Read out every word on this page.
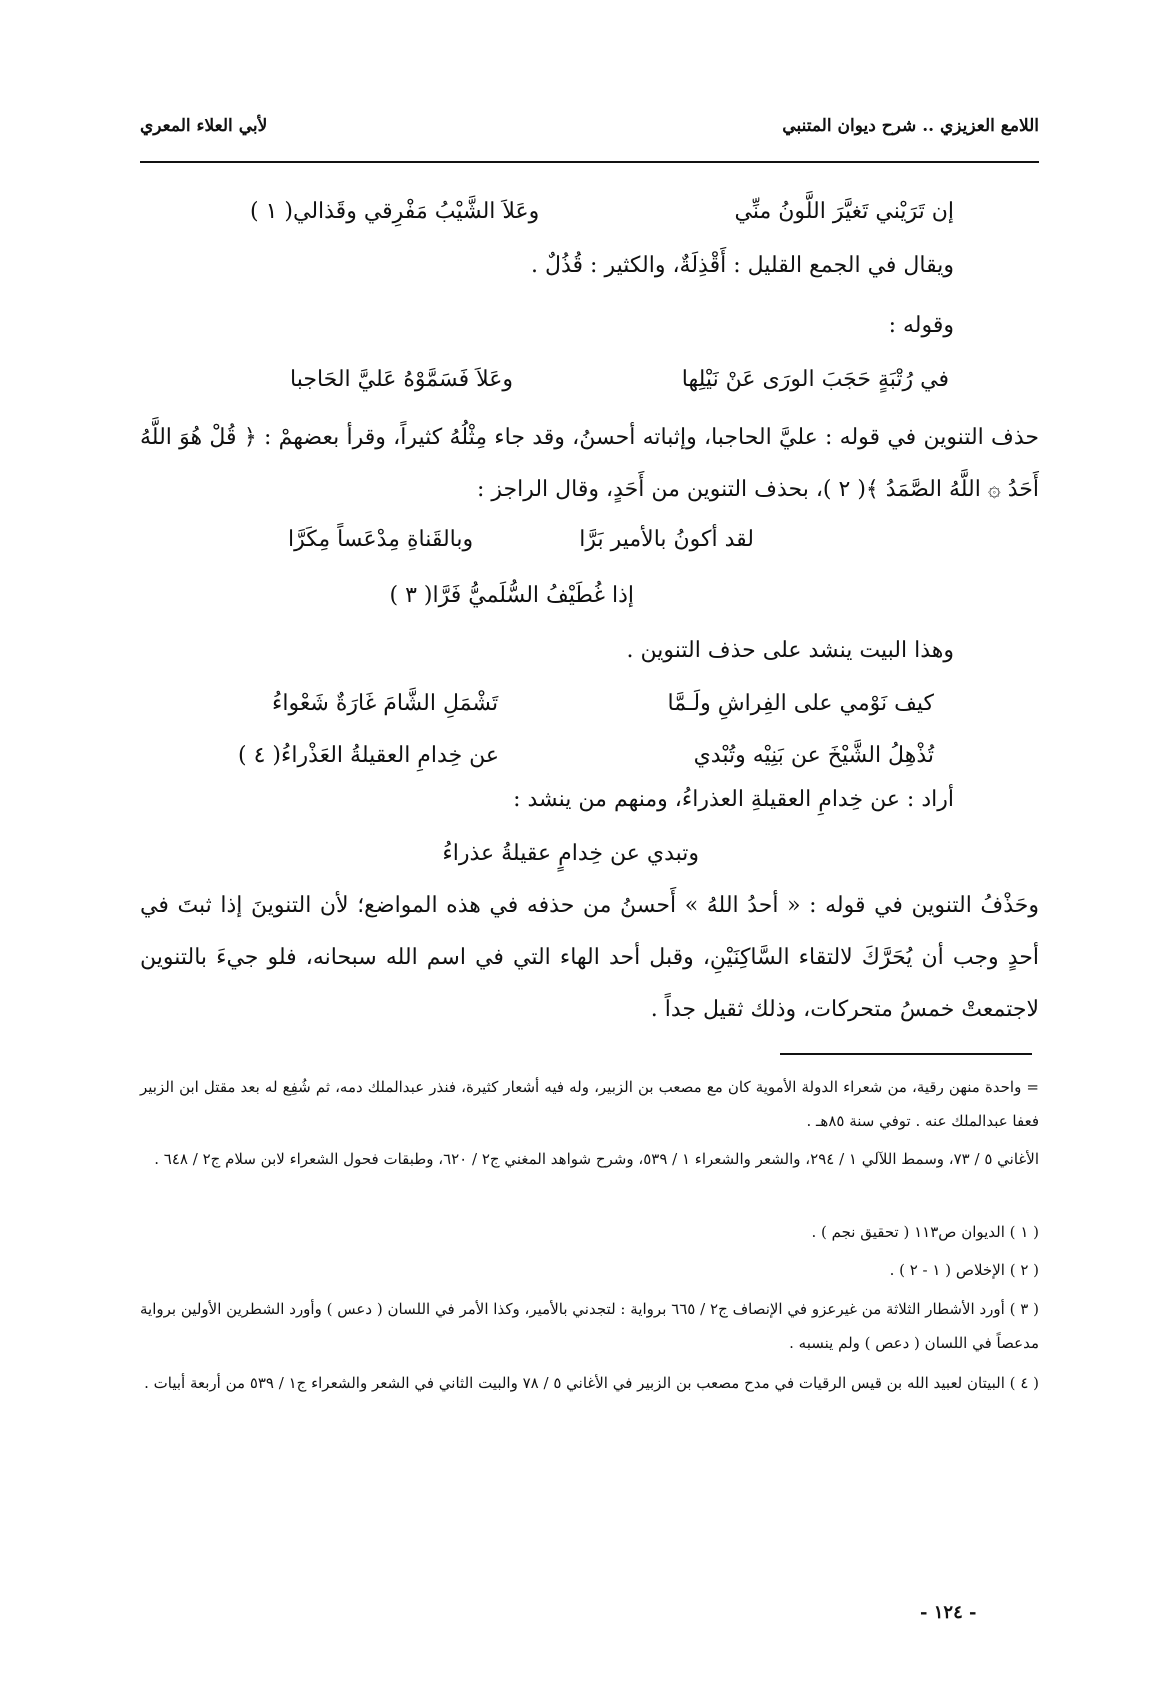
اللامع العزيزي .. شرح ديوان المتنبي
لأبي العلاء المعري
إن تَرَيْني تَغيَّرَ اللَّونُ منِّي
وعَلاَ الشَّيْبُ مَفْرِقي وقَذالي( ١ )
ويقال في الجمع القليل : أَقْذِلَةٌ، والكثير : قُذُلٌ .
وقوله :
في رُتْبَةٍ حَجَبَ الورَى عَنْ نَيْلِها
وعَلاَ فَسَمَّوْهُ عَليَّ الحَاجبا
حذف التنوين في قوله : عليَّ الحاجبا، وإثباته أحسنُ، وقد جاء مِثْلُهُ كثيراً، وقرأ بعضهمْ : ﴿ قُلْ هُوَ اللَّهُ أَحَدُ ۞ اللَّهُ الصَّمَدُ ﴾( ٢ )، بحذف التنوين من أَحَدٍ، وقال الراجز :
لقد أكونُ بالأمير بَرَّا
وبالقَناةِ مِدْعَساً مِكَرَّا
إذا غُطَيْفُ السُّلَميُّ فَرَّا( ٣ )
وهذا البيت ينشد على حذف التنوين .
كيف نَوْمي على الفِراشِ ولَـمَّا
تَشْمَلِ الشَّامَ غَارَةٌ شَعْواءُ
تُذْهِلُ الشَّيْخَ عن بَنِيْه وتُبْدي
عن خِدامِ العقيلةُ العَذْراءُ( ٤ )
أراد : عن خِدامِ العقيلةِ العذراءُ، ومنهم من ينشد :
وتبدي عن خِدامٍ عقيلةُ عذراءُ
وحَذْفُ التنوين في قوله : « أحدُ اللهُ » أَحسنُ من حذفه في هذه المواضع؛ لأن التنوينَ إذا ثبتَ في أحدٍ وجب أن يُحَرَّكَ لالتقاء السَّاكِنَيْنِ، وقبل أحد الهاء التي في اسم الله سبحانه، فلو جيءَ بالتنوين لاجتمعتْ خمسُ متحركات، وذلك ثقيل جداً .
= واحدة منهن رقية، من شعراء الدولة الأموية كان مع مصعب بن الزبير، وله فيه أشعار كثيرة، فنذر عبدالملك دمه، ثم شُفِع له بعد مقتل ابن الزبير فعفا عبدالملك عنه . توفي سنة ٨٥هـ .
الأغاني ٥ / ٧٣، وسمط اللآلي ١ / ٢٩٤، والشعر والشعراء ١ / ٥٣٩، وشرح شواهد المغني ج٢ / ٦٢٠، وطبقات فحول الشعراء لابن سلام ج٢ / ٦٤٨ .
( ١ ) الديوان ص١١٣ ( تحقيق نجم ) .
( ٢ ) الإخلاص ( ١ - ٢ ) .
( ٣ ) أورد الأشطار الثلاثة من غيرعزو في الإنصاف ج٢ / ٦٦٥ برواية : لتجدني بالأمير، وكذا الأمر في اللسان ( دعس ) وأورد الشطرين الأولين برواية مدعصاً في اللسان ( دعص ) ولم ينسبه .
( ٤ ) البيتان لعبيد الله بن قيس الرقيات في مدح مصعب بن الزبير في الأغاني ٥ / ٧٨ والبيت الثاني في الشعر والشعراء ج١ / ٥٣٩ من أربعة أبيات .
- ١٢٤ -
